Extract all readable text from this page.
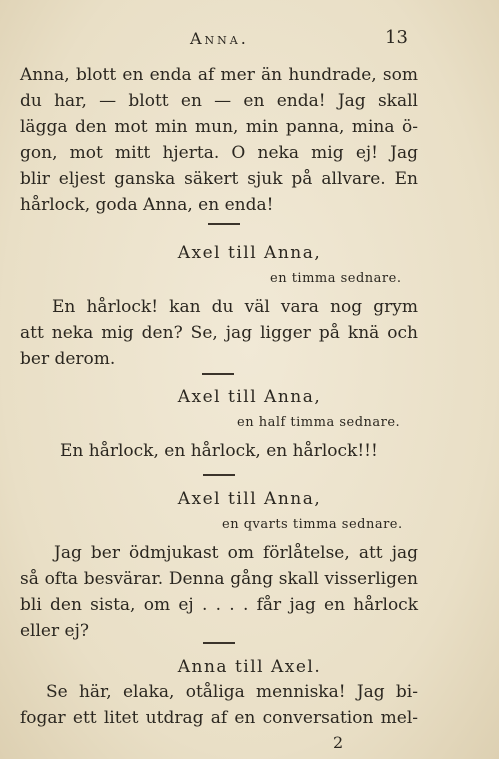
Anna.	13
Anna, blott en enda af mer än hundrade, som
du har, — blott en — en enda! Jag skall
lägga den mot min mun, min panna, mina ö-
gon, mot mitt hjerta. O neka mig ej! Jag
blir eljest ganska säkert sjuk på allvare. En
hårlock, goda Anna, en enda!
Axel till Anna,
en timma sednare.
En hårlock! kan du väl vara nog grym
att neka mig den? Se, jag ligger på knä och
ber derom.
Axel till Anna,
en half timma sednare.
En hårlock, en hårlock, en hårlock!!!
Axel till Anna,
en qvarts timma sednare.
Jag ber ödmjukast om förlåtelse, att jag
så ofta besvärar. Denna gång skall visserligen
bli den sista, om ej . . . . får jag en hårlock
eller ej?
Anna till Axel.
Se här, elaka, otåliga menniska! Jag bi-
fogar ett litet utdrag af en conversation mel-
2
